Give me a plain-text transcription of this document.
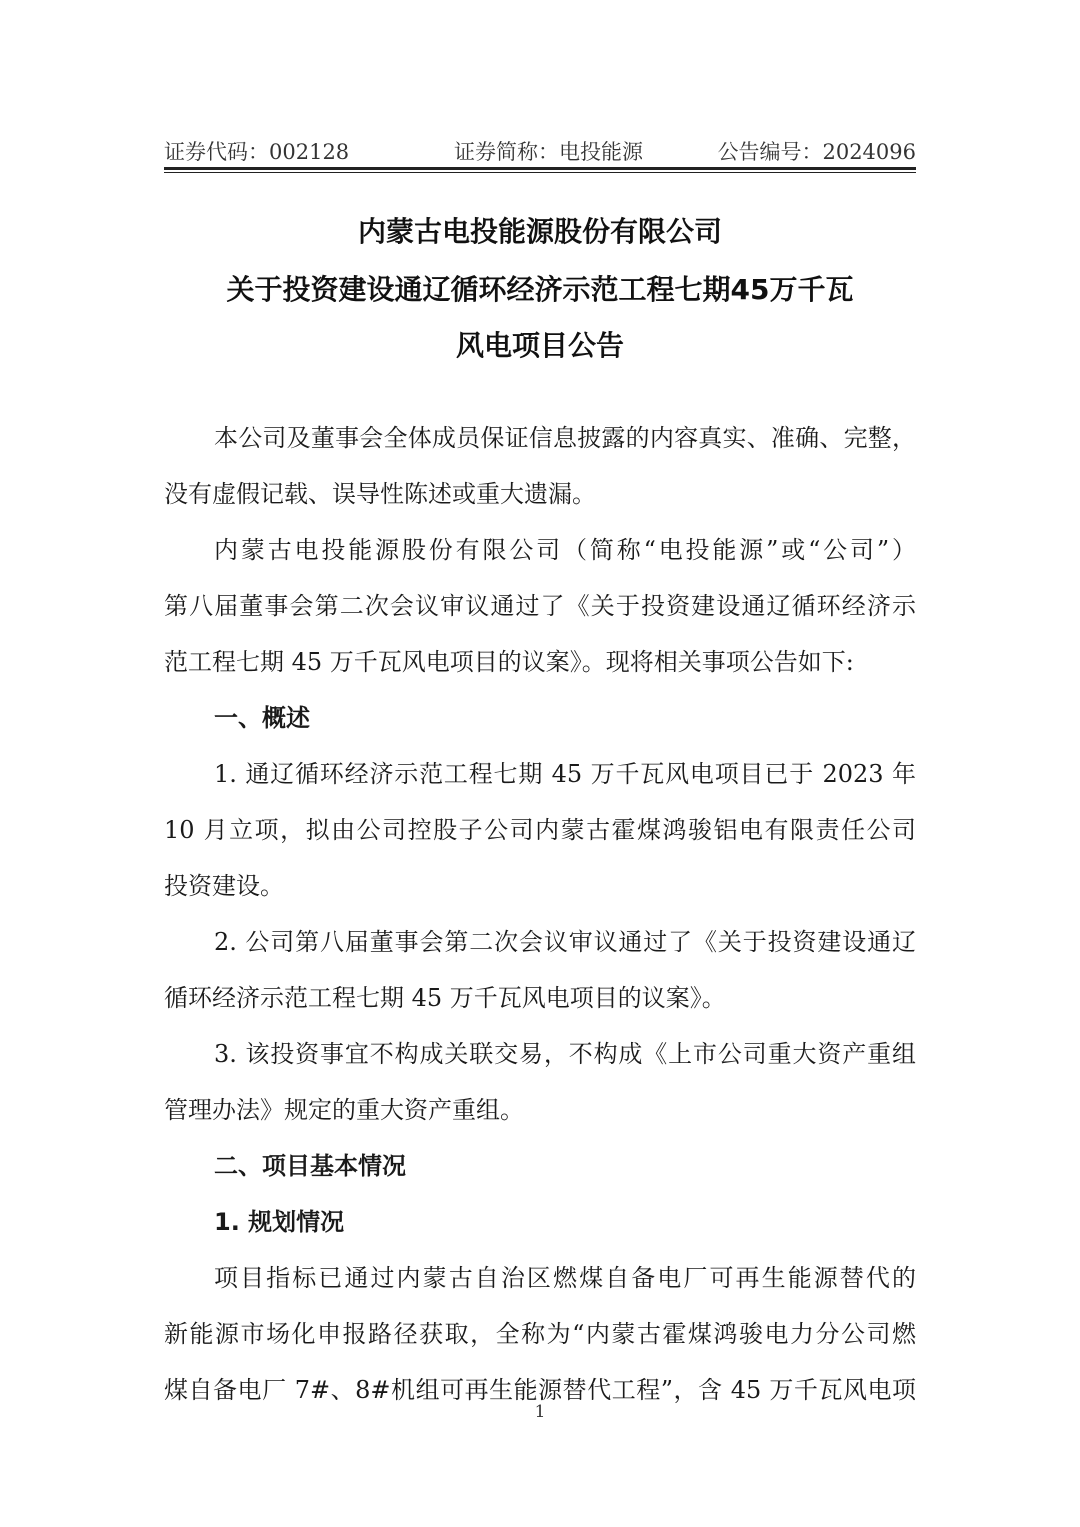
证券代码：002128	证券简称：电投能源	公告编号：2024096
内蒙古电投能源股份有限公司
关于投资建设通辽循环经济示范工程七期45万千瓦
风电项目公告
本公司及董事会全体成员保证信息披露的内容真实、准确、完整，
没有虚假记载、误导性陈述或重大遗漏。
内蒙古电投能源股份有限公司（简称“电投能源”或“公司”）
第八届董事会第二次会议审议通过了《关于投资建设通辽循环经济示
范工程七期 45 万千瓦风电项目的议案》。现将相关事项公告如下:
一、概述
1. 通辽循环经济示范工程七期 45 万千瓦风电项目已于 2023 年
10 月立项，拟由公司控股子公司内蒙古霍煤鸿骏铝电有限责任公司
投资建设。
2. 公司第八届董事会第二次会议审议通过了《关于投资建设通辽
循环经济示范工程七期 45 万千瓦风电项目的议案》。
3. 该投资事宜不构成关联交易，不构成《上市公司重大资产重组
管理办法》规定的重大资产重组。
二、项目基本情况
1. 规划情况
项目指标已通过内蒙古自治区燃煤自备电厂可再生能源替代的
新能源市场化申报路径获取，全称为“内蒙古霍煤鸿骏电力分公司燃
煤自备电厂 7#、8#机组可再生能源替代工程”，含 45 万千瓦风电项
1
